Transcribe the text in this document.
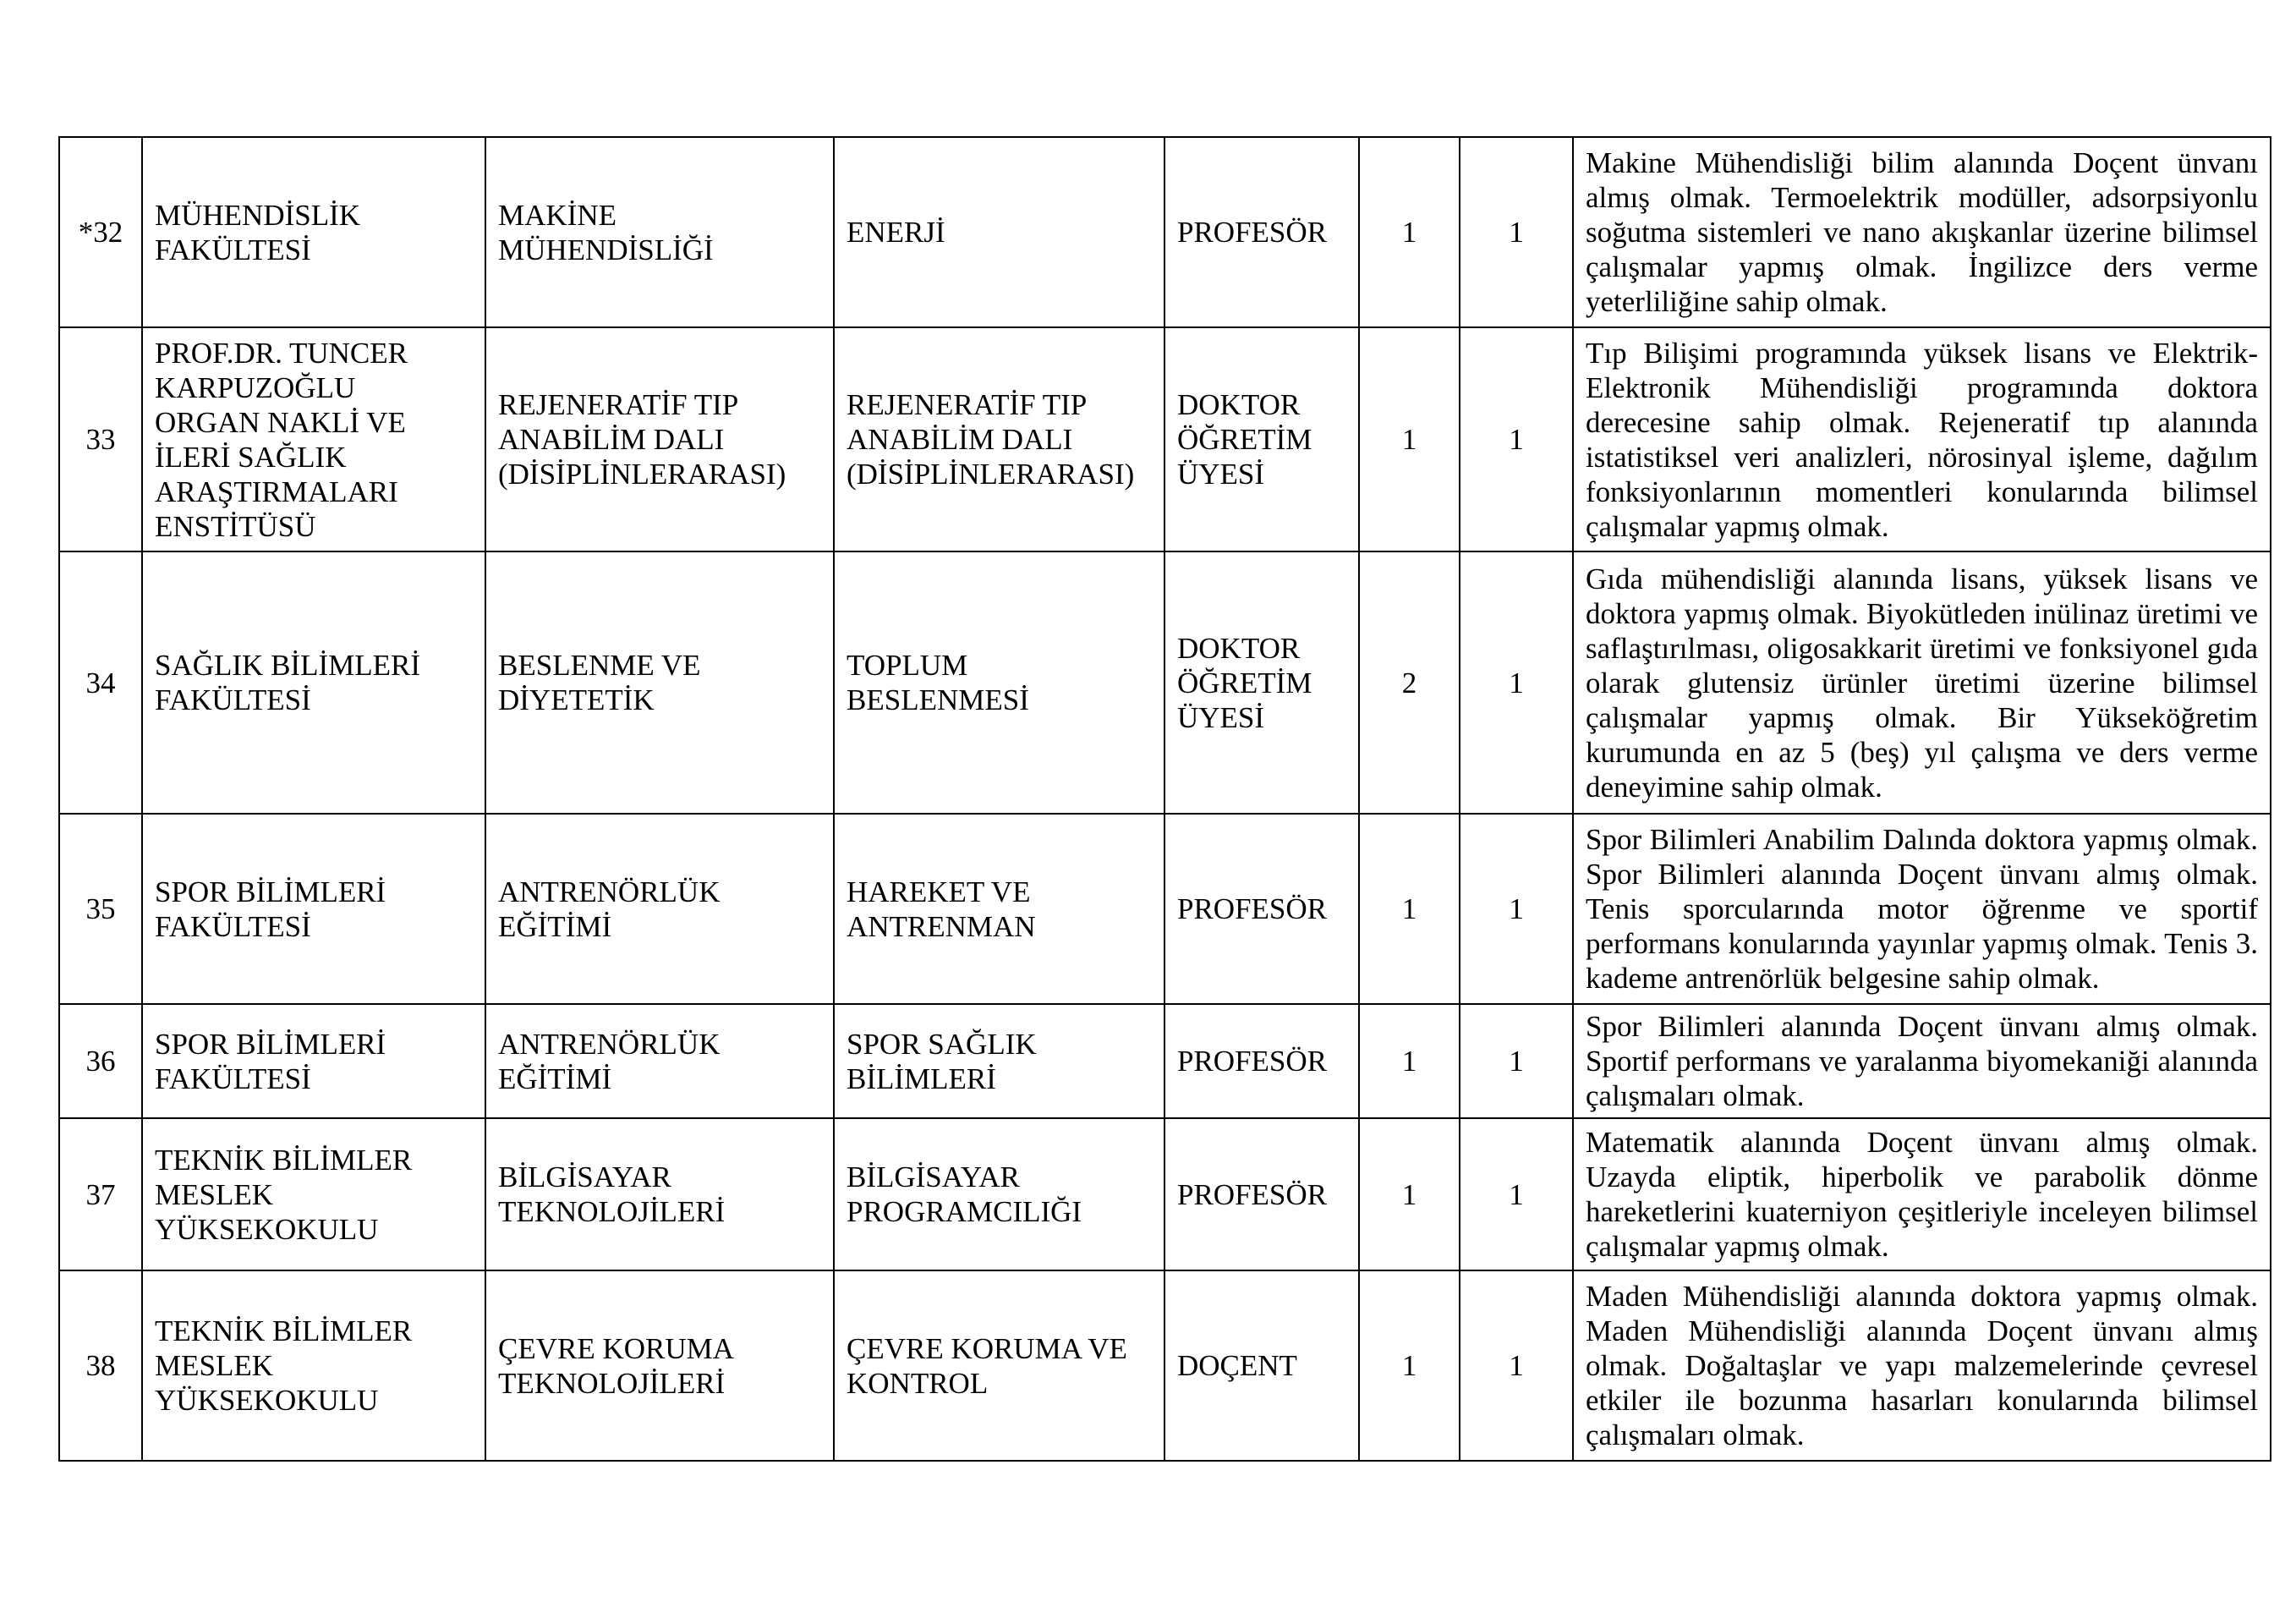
*32	MÜHENDİSLİK FAKÜLTESİ	MAKİNE MÜHENDİSLİĞİ	ENERJİ	PROFESÖR	1	1	Makine Mühendisliği bilim alanında Doçent ünvanı almış olmak. Termoelektrik modüller, adsorpsiyonlu soğutma sistemleri ve nano akışkanlar üzerine bilimsel çalışmalar yapmış olmak. İngilizce ders verme yeterliliğine sahip olmak.
33	PROF.DR. TUNCER KARPUZOĞLU ORGAN NAKLİ VE İLERİ SAĞLIK ARAŞTIRMALARI ENSTİTÜSÜ	REJENERATİF TIP ANABİLİM DALI (DİSİPLİNLERARASI)	REJENERATİF TIP ANABİLİM DALI (DİSİPLİNLERARASI)	DOKTOR ÖĞRETİM ÜYESİ	1	1	Tıp Bilişimi programında yüksek lisans ve Elektrik-Elektronik Mühendisliği programında doktora derecesine sahip olmak. Rejeneratif tıp alanında istatistiksel veri analizleri, nörosinyal işleme, dağılım fonksiyonlarının momentleri konularında bilimsel çalışmalar yapmış olmak.
34	SAĞLIK BİLİMLERİ FAKÜLTESİ	BESLENME VE DİYETETİK	TOPLUM BESLENMESİ	DOKTOR ÖĞRETİM ÜYESİ	2	1	Gıda mühendisliği alanında lisans, yüksek lisans ve doktora yapmış olmak. Biyokütleden inülinaz üretimi ve saflaştırılması, oligosakkarit üretimi ve fonksiyonel gıda olarak glutensiz ürünler üretimi üzerine bilimsel çalışmalar yapmış olmak. Bir Yükseköğretim kurumunda en az 5 (beş) yıl çalışma ve ders verme deneyimine sahip olmak.
35	SPOR BİLİMLERİ FAKÜLTESİ	ANTRENÖRLÜK EĞİTİMİ	HAREKET VE ANTRENMAN	PROFESÖR	1	1	Spor Bilimleri Anabilim Dalında doktora yapmış olmak. Spor Bilimleri alanında Doçent ünvanı almış olmak. Tenis sporcularında motor öğrenme ve sportif performans konularında yayınlar yapmış olmak. Tenis 3. kademe antrenörlük belgesine sahip olmak.
36	SPOR BİLİMLERİ FAKÜLTESİ	ANTRENÖRLÜK EĞİTİMİ	SPOR SAĞLIK BİLİMLERİ	PROFESÖR	1	1	Spor Bilimleri alanında Doçent ünvanı almış olmak. Sportif performans ve yaralanma biyomekaniği alanında çalışmaları olmak.
37	TEKNİK BİLİMLER MESLEK YÜKSEKOKULU	BİLGİSAYAR TEKNOLOJİLERİ	BİLGİSAYAR PROGRAMCILIĞI	PROFESÖR	1	1	Matematik alanında Doçent ünvanı almış olmak. Uzayda eliptik, hiperbolik ve parabolik dönme hareketlerini kuaterniyon çeşitleriyle inceleyen bilimsel çalışmalar yapmış olmak.
38	TEKNİK BİLİMLER MESLEK YÜKSEKOKULU	ÇEVRE KORUMA TEKNOLOJİLERİ	ÇEVRE KORUMA VE KONTROL	DOÇENT	1	1	Maden Mühendisliği alanında doktora yapmış olmak. Maden Mühendisliği alanında Doçent ünvanı almış olmak. Doğaltaşlar ve yapı malzemelerinde çevresel etkiler ile bozunma hasarları konularında bilimsel çalışmaları olmak.
